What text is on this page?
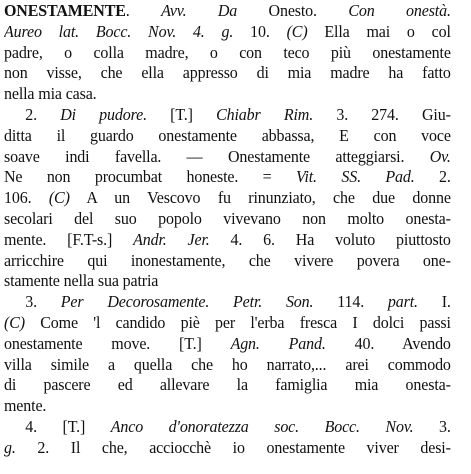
ONESTAMENTE. Avv. Da Onesto. Con onestà.
Aureo lat. Bocc. Nov. 4. g. 10. (C) Ella mai o col
padre, o colla madre, o con teco più onestamente
non visse, che ella appresso di mia madre ha fatto
nella mia casa.
2. Di pudore. [T.] Chiabr Rim. 3. 274. Giu-
ditta il guardo onestamente abbassa, E con voce
soave indi favella. — Onestamente atteggiarsi. Ov.
Ne non procumbat honeste. = Vit. SS. Pad. 2.
106. (C) A un Vescovo fu rinunziato, che due donne
secolari del suo popolo vivevano non molto onesta-
mente. [F.T-s.] Andr. Jer. 4. 6. Ha voluto piuttosto
arricchire qui inonestamente, che vivere povera one-
stamente nella sua patria
3. Per Decorosamente. Petr. Son. 114. part. I.
(C) Come 'l candido piè per l'erba fresca I dolci passi
onestamente move. [T.] Agn. Pand. 40. Avendo
villa simile a quella che ho narrato,... arei commodo
di pascere ed allevare la famiglia mia onesta-
mente.
4. [T.] Anco d'onoratezza soc. Bocc. Nov. 3.
g. 2. Il che, acciocchè io onestamente viver desi-
